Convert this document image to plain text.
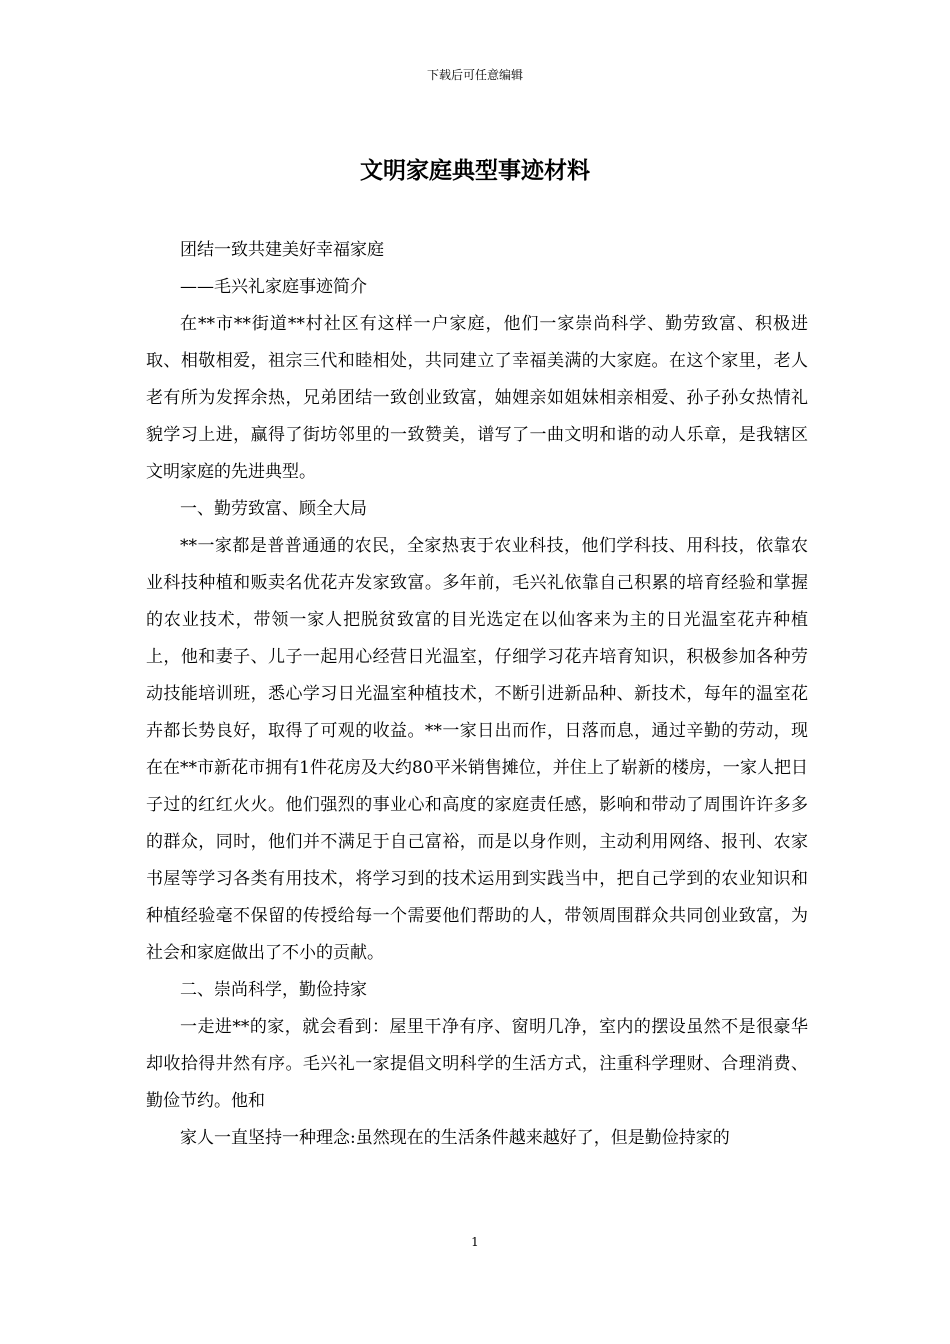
下载后可任意编辑
文明家庭典型事迹材料

团结一致共建美好幸福家庭

——毛兴礼家庭事迹简介

在**市**街道**村社区有这样一户家庭，他们一家崇尚科学、勤劳致富、积极进取、相敬相爱，祖宗三代和睦相处，共同建立了幸福美满的大家庭。在这个家里，老人老有所为发挥余热，兄弟团结一致创业致富，妯娌亲如姐妹相亲相爱、孙子孙女热情礼貌学习上进，赢得了街坊邻里的一致赞美，谱写了一曲文明和谐的动人乐章，是我辖区文明家庭的先进典型。

一、勤劳致富、顾全大局

**一家都是普普通通的农民，全家热衷于农业科技，他们学科技、用科技，依靠农业科技种植和贩卖名优花卉发家致富。多年前，毛兴礼依靠自己积累的培育经验和掌握的农业技术，带领一家人把脱贫致富的目光选定在以仙客来为主的日光温室花卉种植上，他和妻子、儿子一起用心经营日光温室，仔细学习花卉培育知识，积极参加各种劳动技能培训班，悉心学习日光温室种植技术，不断引进新品种、新技术，每年的温室花卉都长势良好，取得了可观的收益。**一家日出而作，日落而息，通过辛勤的劳动，现在在**市新花市拥有1件花房及大约80平米销售摊位，并住上了崭新的楼房，一家人把日子过的红红火火。他们强烈的事业心和高度的家庭责任感，影响和带动了周围许许多多的群众，同时，他们并不满足于自己富裕，而是以身作则，主动利用网络、报刊、农家书屋等学习各类有用技术，将学习到的技术运用到实践当中，把自己学到的农业知识和种植经验毫不保留的传授给每一个需要他们帮助的人，带领周围群众共同创业致富，为社会和家庭做出了不小的贡献。

二、崇尚科学，勤俭持家

一走进**的家，就会看到：屋里干净有序、窗明几净，室内的摆设虽然不是很豪华却收拾得井然有序。毛兴礼一家提倡文明科学的生活方式，注重科学理财、合理消费、勤俭节约。他和

家人一直坚持一种理念:虽然现在的生活条件越来越好了，但是勤俭持家的

1
